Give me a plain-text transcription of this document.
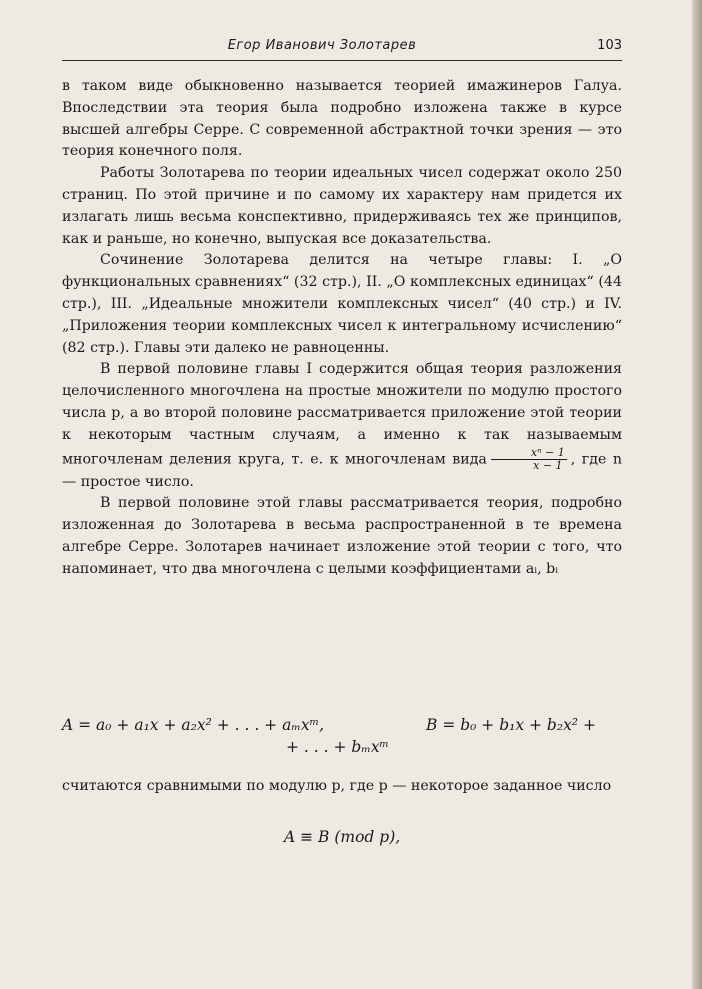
Егор Иванович Золотарев	103

в таком виде обыкновенно называется теорией имажинеров Галуа. Впоследствии эта теория была подробно изложена также в курсе высшей алгебры Серре. С современной абстрактной точки зрения — это теория конечного поля.

Работы Золотарева по теории идеальных чисел содержат около 250 страниц. По этой причине и по самому их характеру нам придется их излагать лишь весьма конспективно, придерживаясь тех же принципов, как и раньше, но конечно, выпуская все доказательства.

Сочинение Золотарева делится на четыре главы: I. „О функциональных сравнениях“ (32 стр.), II. „О комплексных единицах“ (44 стр.), III. „Идеальные множители комплексных чисел“ (40 стр.) и IV. „Приложения теории комплексных чисел к интегральному исчислению“ (82 стр.). Главы эти далеко не равноценны.

В первой половине главы I содержится общая теория разложения целочисленного многочлена на простые множители по модулю простого числа p, а во второй половине рассматривается приложение этой теории к некоторым частным случаям, а именно к так называемым многочленам деления круга, т. е. к многочленам вида $\frac{\text{xⁿ − 1}}{x - 1}$ , где n — простое число.

В первой половине этой главы рассматривается теория, подробно изложенная до Золотарева в весьма распространенной в те времена алгебре Серре. Золотарев начинает изложение этой теории с того, что напоминает, что два многочлена с целыми коэффициентами aᵢ, bᵢ

A = a₀ + a₁x + a₂x² + . . . + aₘxᵐ,	B = b₀ + b₁x + b₂x² +
+ . . . + bₘxᵐ
считаются сравнимыми по модулю p, где p — некоторое заданное число
A ≡ B (mod p),
